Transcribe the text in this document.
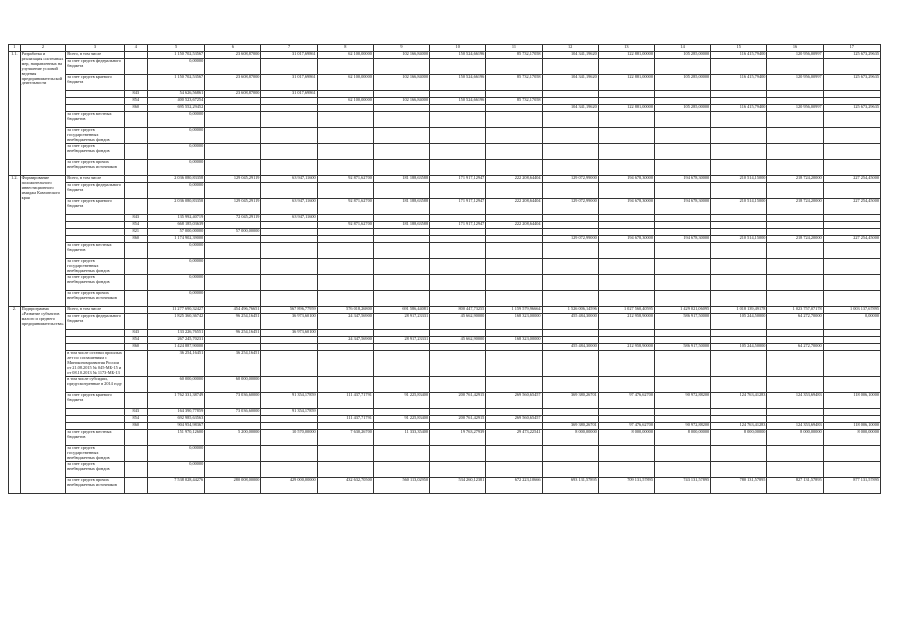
1	2	3	4	5	6	7	8	9	10	11	12	13	14	15	16	17
1.1.	Разработка и реализация системных мер, направленных на улучшение условий ведения предпринимательской деятельности	Всего, в том числе		1 150 702,53567	23 608,87000	31 017,69861	62 100,00000	102 166,84000	150 524,66196	85 732,17058	104 341,19620	122 881,00000	105 285,00000	116 415,79400	120 956,00997	125 673,29635
		за счет средств федерального бюджета		0,00000												
		за счет средств краевого бюджета		1 150 702,53567	23 608,87000	31 017,69861	62 100,00000	102 166,84000	150 524,66196	85 732,17058	104 341,19620	122 881,00000	105 285,00000	116 415,79400	120 956,00997	125 673,29635
			843	54 626,56861	23 608,87000	31 017,69861										
			854	400 523,67254			62 100,00000	102 166,84000	150 524,66196	85 732,17058						
			860	695 552,29452							104 341,19620	122 881,00000	105 285,00000	116 415,79400	120 956,00997	125 673,29635
		за счет средств местных бюджетов		0,00000												
		за счет средств государственных внебюджетных фондов		0,00000												
		за счет средств внебюджетных фондов		0,00000												
		за счет средств прочих внебюджетных источников		0,00000												
1.2.	Формирование положительного инвестиционного имиджа Камчатского края	Всего, в том числе		2 036 080,83358	129 045,29119	63 947,11600	92 871,62700	181 188,63588	171 917,12947	222 208,64404	129 072,99000	194 678,30000	194 678,30000	210 514,15000	218 724,20000	227 254,45000
		за счет средств федерального бюджета		0,00000												
		за счет средств краевого бюджета		2 036 080,83358	129 045,29119	63 947,11600	92 871,62700	181 188,63588	171 917,12947	222 208,64404	129 072,99000	194 678,30000	194 678,30000	210 514,15000	218 724,20000	227 254,45000
			843	135 992,40719	72 045,29119	63 947,11600										
			854	668 185,03639			92 871,62700	181 188,63588	171 917,12947	222 208,64404						
			821	57 000,00000	57 000,00000											
			860	1 174 902,39000							129 072,99000	194 678,30000	194 678,30000	210 514,15000	218 724,20000	227 254,45000
		за счет средств местных бюджетов		0,00000												
		за счет средств государственных внебюджетных фондов		0,00000												
		за счет средств внебюджетных фондов		0,00000												
		за счет средств прочих внебюджетных источников		0,00000												
2.	Подпрограмма «Развитие субъектов малого и среднего предпринимательства»	Всего, в том числе		11 277 690,32427	454 496,76651	567 896,77959	576 018,26800	691 586,44081	800 447,73255	1 159 579,96664	1 526 006,14596	1 027 560,40595	1 429 021,06095	1 018 139,49178	1 023 757,07178	1 003 137,67895
		за счет средств федерального бюджета		1 825 360,36742	96 254,16451	36 973,60100	24 347,56900	28 917,23331	45 662,90000	168 323,00000	455 484,30000	212 958,90000	586 917,50000	105 244,50000	64 272,70000	0,00000
			843	133 226,76551	96 254,16451	36 973,60100										
			854	267 245,70231			24 347,56900	28 917,23331	45 662,90000	168 323,00000						
			860	1 424 887,90000							455 484,30000	212 958,90000	586 917,50000	105 244,50000	64 272,70000	
		в том числе остатки прошлых лет по соглашениям с Минэкономразвития России от 21.08.2015 № 045-МБ-15 и от 08.10.2013 № 1173-МБ-13		36 254,16451	36 254,16451											
		в том числе субсидии, предусмотренные в 2014 году		60 000,00000	60 000,00000											
		за счет средств краевого бюджета		1 762 331,38749	73 036,60000	91 354,17859	111 437,71791	91 225,83400	200 761,42915	269 560,65457	369 380,26701	97 476,62700	90 972,88200	124 763,41283	124 353,69483	118 006,10000
			843	164 390,77859	73 036,60000	91 354,17859										
			854	692 985,63563			111 437,71791	91 225,83400	200 761,42915	269 560,65457						
			860	904 954,98367							369 380,26701	97 476,62700	90 972,88200	124 763,41283	124 353,69483	118 006,10000
		за счет средств местных бюджетов		151 970,12600	5 200,00000	10 570,00000	7 630,26700	11 333,35400	19 763,27939	29 473,22541	8 000,00000	8 000,00000	8 000,00000	8 000,00000	8 000,00000	8 000,00000
		за счет средств государственных внебюджетных фондов		0,00000												
		за счет средств внебюджетных фондов		0,00000												
		за счет средств прочих внебюджетных источников		7 538 028,44276	280 008,00000	429 000,00000	432 632,70500	560 113,02950	534 260,12381	672 223,10666	693 131,57895	709 131,57895	743 131,57895	780 131,57895	827 131,57895	877 131,57895
